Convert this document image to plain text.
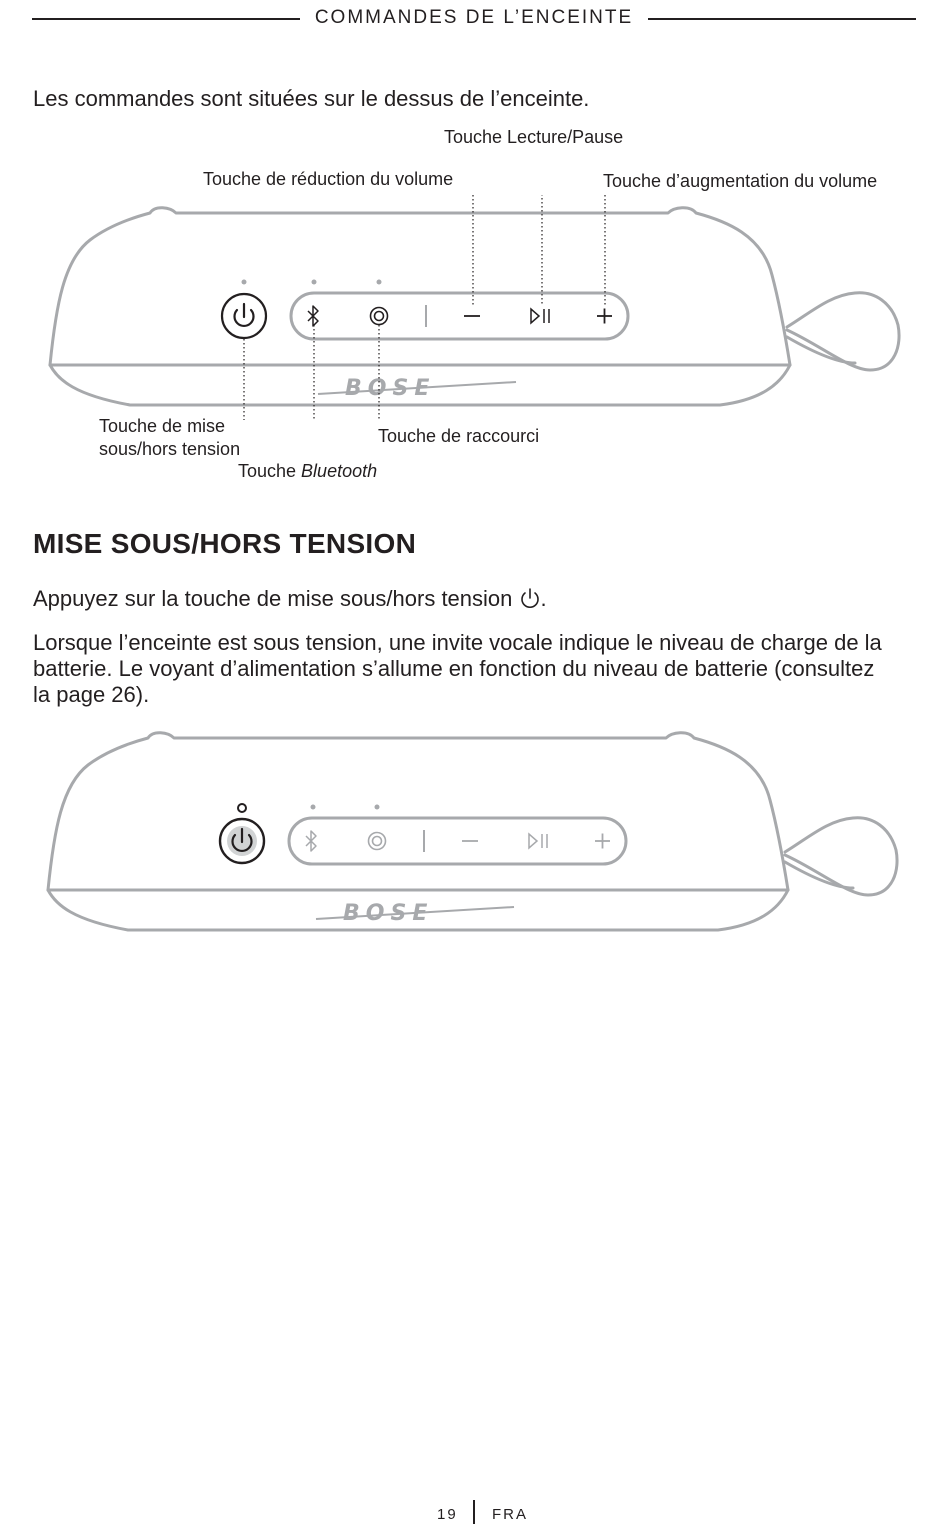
COMMANDES DE L’ENCEINTE

Les commandes sont situées sur le dessus de l’enceinte.

BOSE
Touche Lecture/Pause
Touche de réduction du volume	Touche d’augmentation du volume
Touche de mise
sous/hors tension
Touche de raccourci
Touche Bluetooth
MISE SOUS/HORS TENSION

Appuyez sur la touche de mise sous/hors tension .

Lorsque l’enceinte est sous tension, une invite vocale indique le niveau de charge de la batterie. Le voyant d’alimentation s’allume en fonction du niveau de batterie (consultez la page 26).

BOSE
19 FRA
